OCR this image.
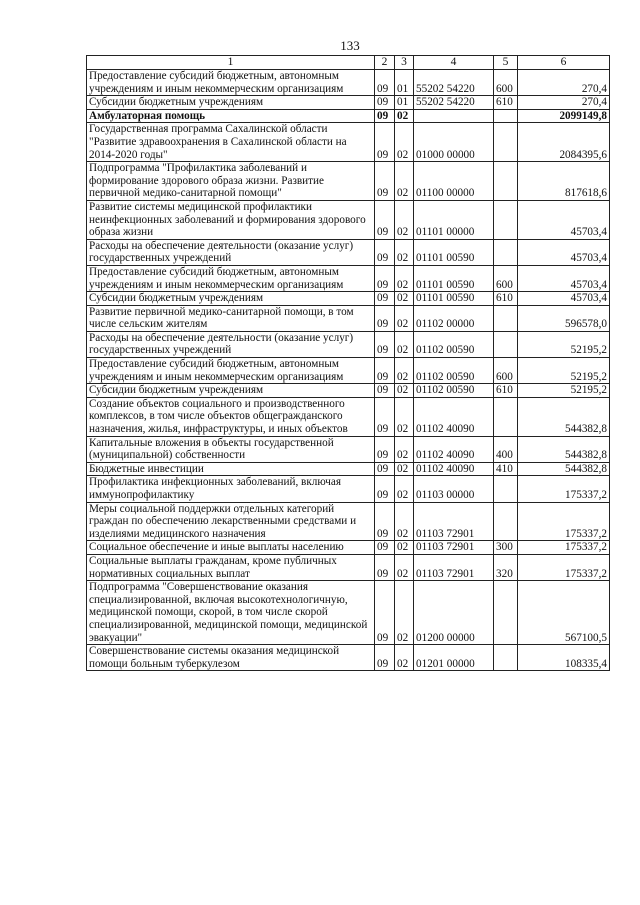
133
1	2	3	4	5	6
Предоставление субсидий бюджетным, автономным учреждениям и иным некоммерческим организациям	09	01	55202 54220	600	270,4
Субсидии бюджетным учреждениям	09	01	55202 54220	610	270,4
Амбулаторная помощь	09	02			2099149,8
Государственная программа Сахалинской области "Развитие здравоохранения в Сахалинской области на 2014-2020 годы"	09	02	01000 00000		2084395,6
Подпрограмма "Профилактика заболеваний и формирование здорового образа жизни. Развитие первичной медико-санитарной помощи"	09	02	01100 00000		817618,6
Развитие системы медицинской профилактики неинфекционных заболеваний и формирования здорового образа жизни	09	02	01101 00000		45703,4
Расходы на обеспечение деятельности (оказание услуг) государственных учреждений	09	02	01101 00590		45703,4
Предоставление субсидий бюджетным, автономным учреждениям и иным некоммерческим организациям	09	02	01101 00590	600	45703,4
Субсидии бюджетным учреждениям	09	02	01101 00590	610	45703,4
Развитие первичной медико-санитарной помощи, в том числе сельским жителям	09	02	01102 00000		596578,0
Расходы на обеспечение деятельности (оказание услуг) государственных учреждений	09	02	01102 00590		52195,2
Предоставление субсидий бюджетным, автономным учреждениям и иным некоммерческим организациям	09	02	01102 00590	600	52195,2
Субсидии бюджетным учреждениям	09	02	01102 00590	610	52195,2
Создание объектов социального и производственного комплексов, в том числе объектов общегражданского назначения, жилья, инфраструктуры, и иных объектов	09	02	01102 40090		544382,8
Капитальные вложения в объекты государственной (муниципальной) собственности	09	02	01102 40090	400	544382,8
Бюджетные инвестиции	09	02	01102 40090	410	544382,8
Профилактика инфекционных заболеваний, включая иммунопрофилактику	09	02	01103 00000		175337,2
Меры социальной поддержки отдельных категорий граждан по обеспечению лекарственными средствами и изделиями медицинского назначения	09	02	01103 72901		175337,2
Социальное обеспечение и иные выплаты населению	09	02	01103 72901	300	175337,2
Социальные выплаты гражданам, кроме публичных нормативных социальных выплат	09	02	01103 72901	320	175337,2
Подпрограмма "Совершенствование оказания специализированной, включая высокотехнологичную, медицинской помощи, скорой, в том числе скорой специализированной, медицинской помощи, медицинской эвакуации"	09	02	01200 00000		567100,5
Совершенствование системы оказания медицинской помощи больным туберкулезом	09	02	01201 00000		108335,4
